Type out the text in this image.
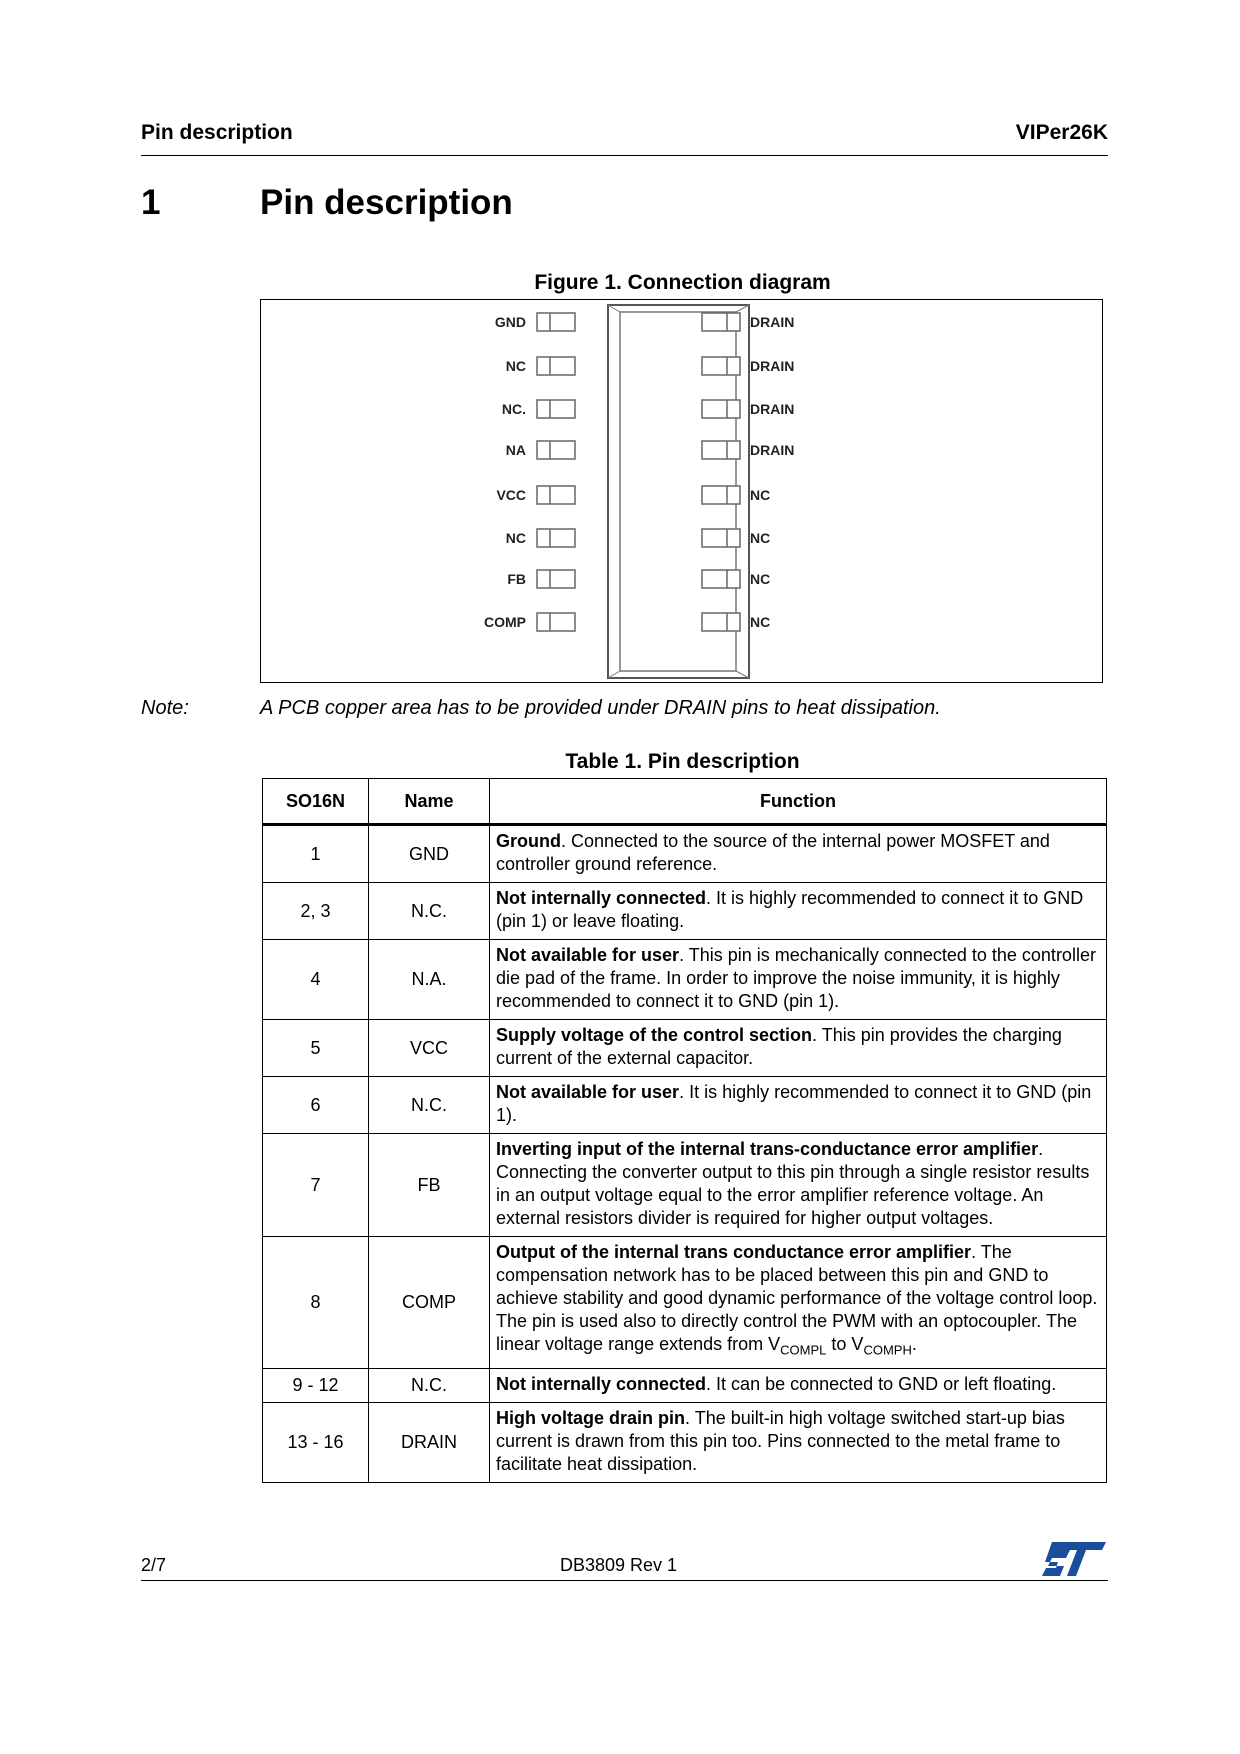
Pin description	VIPer26K
1	Pin description
Figure 1. Connection diagram
GND
NC
NC.
NA
VCC
NC
FB
COMP
DRAIN
DRAIN
DRAIN
DRAIN
NC
NC
NC
NC
Note:	A PCB copper area has to be provided under DRAIN pins to heat dissipation.
Table 1. Pin description
SO16N	Name	Function
1	GND	Ground. Connected to the source of the internal power MOSFET and controller ground reference.
2, 3	N.C.	Not internally connected. It is highly recommended to connect it to GND (pin 1) or leave floating.
4	N.A.	Not available for user. This pin is mechanically connected to the controller die pad of the frame. In order to improve the noise immunity, it is highly recommended to connect it to GND (pin 1).
5	VCC	Supply voltage of the control section. This pin provides the charging current of the external capacitor.
6	N.C.	Not available for user. It is highly recommended to connect it to GND (pin 1).
7	FB	Inverting input of the internal trans-conductance error amplifier. Connecting the converter output to this pin through a single resistor results in an output voltage equal to the error amplifier reference voltage. An external resistors divider is required for higher output voltages.
8	COMP	Output of the internal trans conductance error amplifier. The compensation network has to be placed between this pin and GND to achieve stability and good dynamic performance of the voltage control loop. The pin is used also to directly control the PWM with an optocoupler. The linear voltage range extends from $V_{COMPL}$ to $V_{COMPH}$.
9 - 12	N.C.	Not internally connected. It can be connected to GND or left floating.
13 - 16	DRAIN	High voltage drain pin. The built-in high voltage switched start-up bias current is drawn from this pin too. Pins connected to the metal frame to facilitate heat dissipation.
2/7	DB3809 Rev 1
